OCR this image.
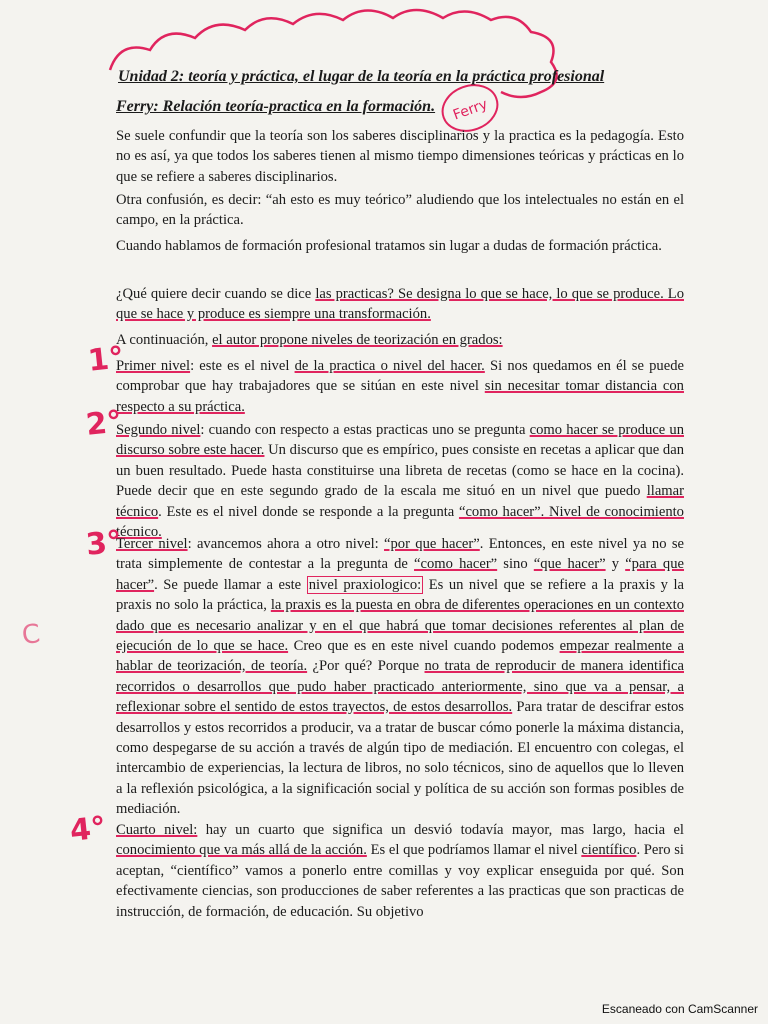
Ferry
Unidad 2: teoría y práctica, el lugar de la teoría en la práctica profesional
Ferry: Relación teoría-practica en la formación.
Se suele confundir que la teoría son los saberes disciplinarios y la practica es la pedagogía. Esto no es así, ya que todos los saberes tienen al mismo tiempo dimensiones teóricas y prácticas en lo que se refiere a saberes disciplinarios.
Otra confusión, es decir: “ah esto es muy teórico” aludiendo que los intelectuales no están en el campo, en la práctica.
Cuando hablamos de formación profesional tratamos sin lugar a dudas de formación práctica.
¿Qué quiere decir cuando se dice las practicas? Se designa lo que se hace, lo que se produce. Lo que se hace y produce es siempre una transformación.
A continuación, el autor propone niveles de teorización en grados:
1°
Primer nivel: este es el nivel de la practica o nivel del hacer. Si nos quedamos en él se puede comprobar que hay trabajadores que se sitúan en este nivel sin necesitar tomar distancia con respecto a su práctica.
2°
Segundo nivel: cuando con respecto a estas practicas uno se pregunta como hacer se produce un discurso sobre este hacer. Un discurso que es empírico, pues consiste en recetas a aplicar que dan un buen resultado. Puede hasta constituirse una libreta de recetas (como se hace en la cocina). Puede decir que en este segundo grado de la escala me situó en un nivel que puedo llamar técnico. Este es el nivel donde se responde a la pregunta “como hacer”. Nivel de conocimiento técnico.
3°
C
Tercer nivel: avancemos ahora a otro nivel: “por que hacer”. Entonces, en este nivel ya no se trata simplemente de contestar a la pregunta de “como hacer” sino “que hacer” y “para que hacer”. Se puede llamar a este nivel praxiologico: Es un nivel que se refiere a la praxis y la praxis no solo la práctica, la praxis es la puesta en obra de diferentes operaciones en un contexto dado que es necesario analizar y en el que habrá que tomar decisiones referentes al plan de ejecución de lo que se hace. Creo que es en este nivel cuando podemos empezar realmente a hablar de teorización, de teoría. ¿Por qué? Porque no trata de reproducir de manera identifica recorridos o desarrollos que pudo haber practicado anteriormente, sino que va a pensar, a reflexionar sobre el sentido de estos trayectos, de estos desarrollos. Para tratar de descifrar estos desarrollos y estos recorridos a producir, va a tratar de buscar cómo ponerle la máxima distancia, como despegarse de su acción a través de algún tipo de mediación. El encuentro con colegas, el intercambio de experiencias, la lectura de libros, no solo técnicos, sino de aquellos que lo lleven a la reflexión psicológica, a la significación social y política de su acción son formas posibles de mediación.
4° Cuarto nivel: hay un cuarto que significa un desvió todavía mayor, mas largo, hacia el conocimiento que va más allá de la acción. Es el que podríamos llamar el nivel científico. Pero si aceptan, “científico” vamos a ponerlo entre comillas y voy explicar enseguida por qué. Son efectivamente ciencias, son producciones de saber referentes a las practicas que son practicas de instrucción, de formación, de educación. Su objetivo
Escaneado con CamScanner
